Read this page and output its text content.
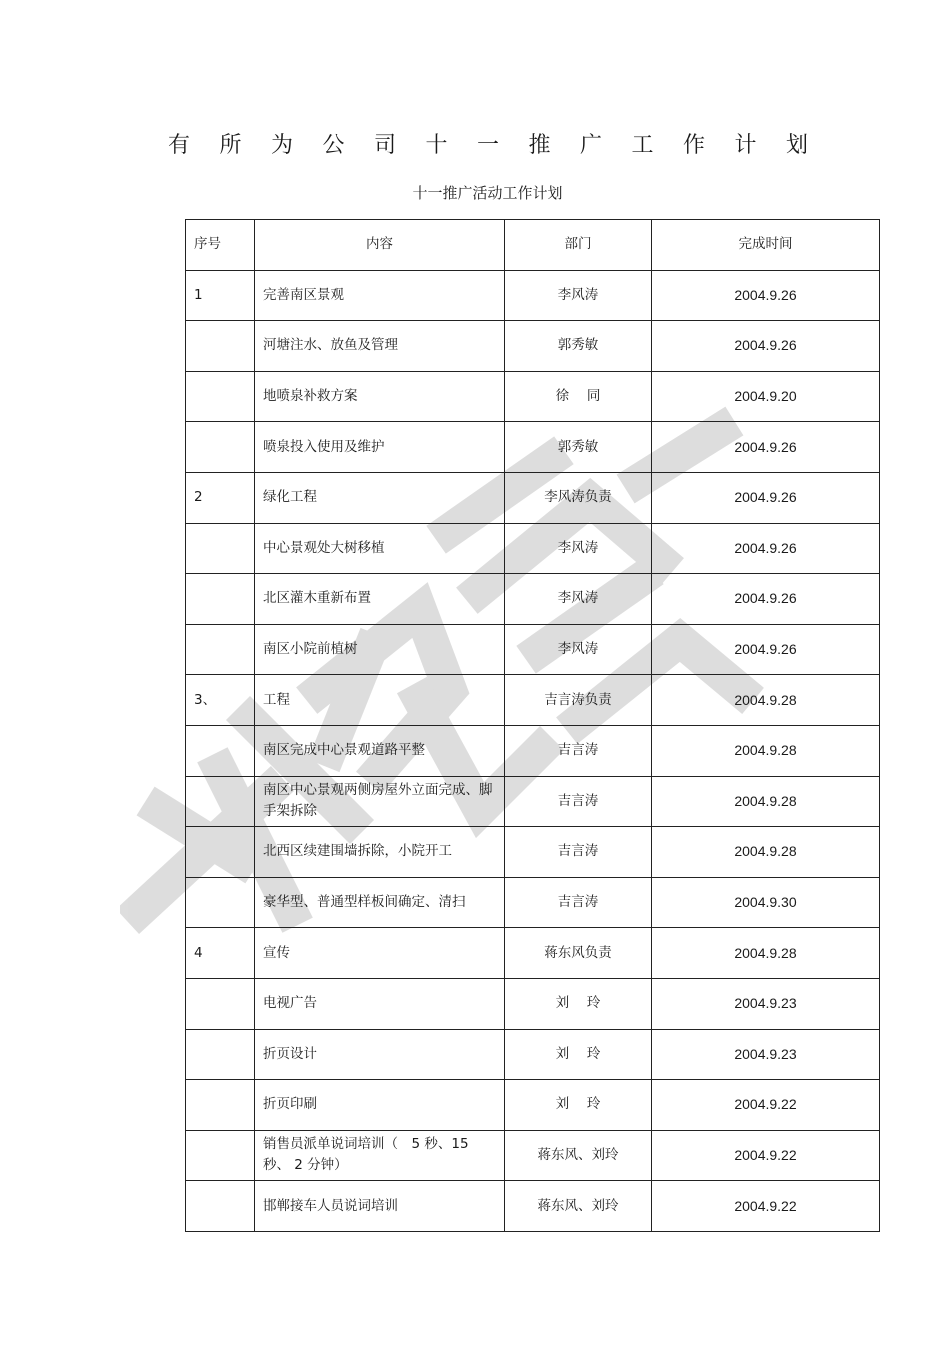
有 所 为 公 司 十 一 推 广 工 作 计 划
十一推广活动工作计划
序号	内容	部门	完成时间
1	完善南区景观	李风涛	2004.9.26
	河塘注水、放鱼及管理	郭秀敏	2004.9.26
	地喷泉补救方案	徐　 同	2004.9.20
	喷泉投入使用及维护	郭秀敏	2004.9.26
2	绿化工程	李风涛负责	2004.9.26
	中心景观处大树移植	李风涛	2004.9.26
	北区灌木重新布置	李风涛	2004.9.26
	南区小院前植树	李风涛	2004.9.26
3、	工程	吉言涛负责	2004.9.28
	南区完成中心景观道路平整	吉言涛	2004.9.28
	南区中心景观两侧房屋外立面完成、脚手架拆除	吉言涛	2004.9.28
	北西区续建围墙拆除，小院开工	吉言涛	2004.9.28
	豪华型、普通型样板间确定、清扫	吉言涛	2004.9.30
4	宣传	蒋东风负责	2004.9.28
	电视广告	刘　 玲	2004.9.23
	折页设计	刘　 玲	2004.9.23
	折页印刷	刘　 玲	2004.9.22
	销售员派单说词培训（　5 秒、15 秒、 2 分钟）	蒋东风、刘玲	2004.9.22
	邯郸接车人员说词培训	蒋东风、刘玲	2004.9.22
